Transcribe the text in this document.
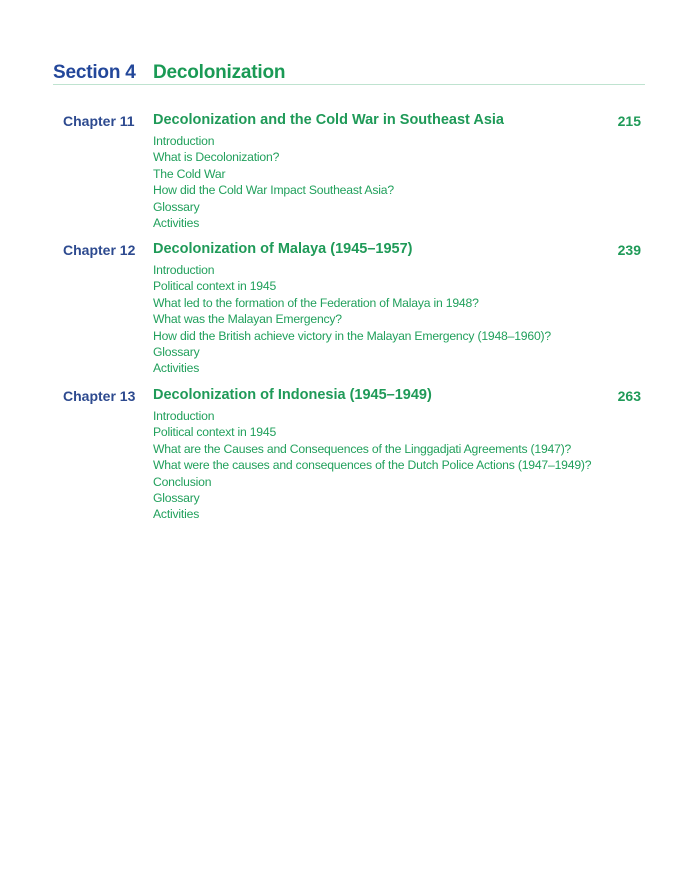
Section 4 Decolonization
Chapter 11 Decolonization and the Cold War in Southeast Asia	215
Introduction
What is Decolonization?
The Cold War
How did the Cold War Impact Southeast Asia?
Glossary
Activities
Chapter 12 Decolonization of Malaya (1945–1957)	239
Introduction
Political context in 1945
What led to the formation of the Federation of Malaya in 1948?
What was the Malayan Emergency?
How did the British achieve victory in the Malayan Emergency (1948–1960)?
Glossary
Activities
Chapter 13 Decolonization of Indonesia (1945–1949)	263
Introduction
Political context in 1945
What are the Causes and Consequences of the Linggadjati Agreements (1947)?
What were the causes and consequences of the Dutch Police Actions (1947–1949)?
Conclusion
Glossary
Activities
